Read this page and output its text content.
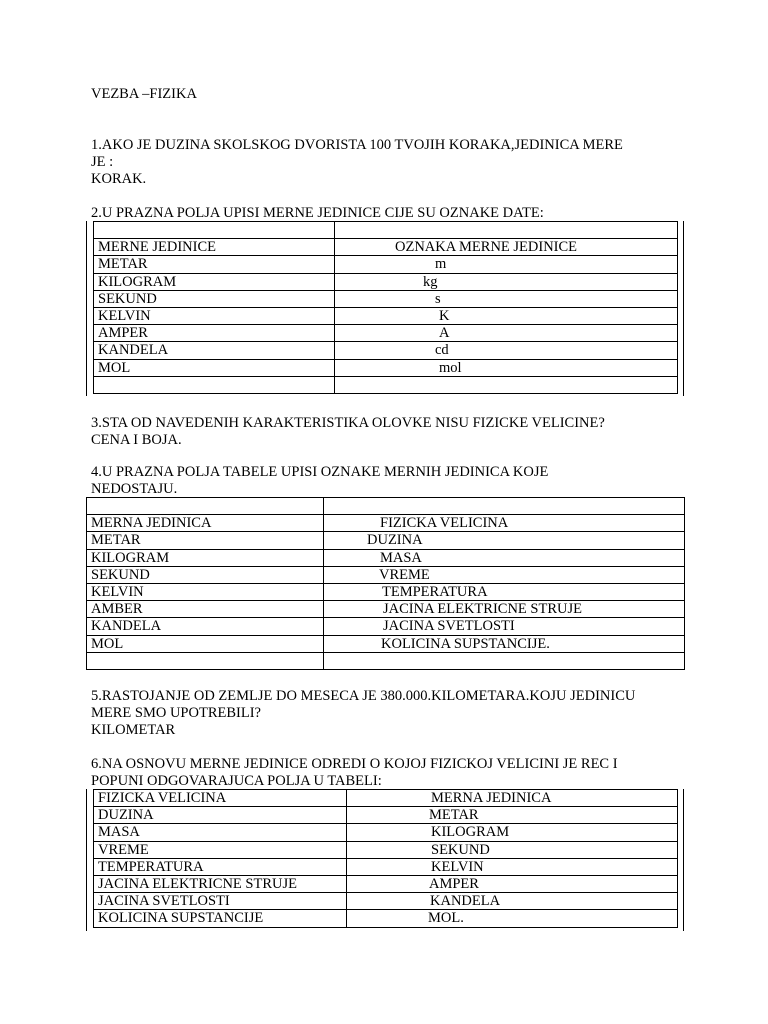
VEZBA –FIZIKA
1.AKO JE DUZINA SKOLSKOG DVORISTA 100 TVOJIH KORAKA,JEDINICA MERE
JE :
KORAK.
2.U PRAZNA POLJA UPISI MERNE JEDINICE CIJE SU OZNAKE DATE:

MERNE JEDINICE	OZNAKA MERNE JEDINICE
METAR	m
KILOGRAM	kg
SEKUND	s
KELVIN	K
AMPER	A
KANDELA	cd
MOL	mol

3.STA OD NAVEDENIH KARAKTERISTIKA OLOVKE NISU FIZICKE VELICINE?
CENA I BOJA.
4.U PRAZNA POLJA TABELE UPISI OZNAKE MERNIH JEDINICA KOJE
NEDOSTAJU.

MERNA JEDINICA	FIZICKA VELICINA
METAR	DUZINA
KILOGRAM	MASA
SEKUND	VREME
KELVIN	TEMPERATURA
AMBER	JACINA ELEKTRICNE STRUJE
KANDELA	JACINA SVETLOSTI
MOL	KOLICINA SUPSTANCIJE.

5.RASTOJANJE OD ZEMLJE DO MESECA JE 380.000.KILOMETARA.KOJU JEDINICU
MERE SMO UPOTREBILI?
KILOMETAR
6.NA OSNOVU MERNE JEDINICE ODREDI O KOJOJ FIZICKOJ VELICINI JE REC I
POPUNI ODGOVARAJUCA POLJA U TABELI:
FIZICKA VELICINA	MERNA JEDINICA
DUZINA	METAR
MASA	KILOGRAM
VREME	SEKUND
TEMPERATURA	KELVIN
JACINA ELEKTRICNE STRUJE	AMPER
JACINA SVETLOSTI	KANDELA
KOLICINA SUPSTANCIJE	MOL.
